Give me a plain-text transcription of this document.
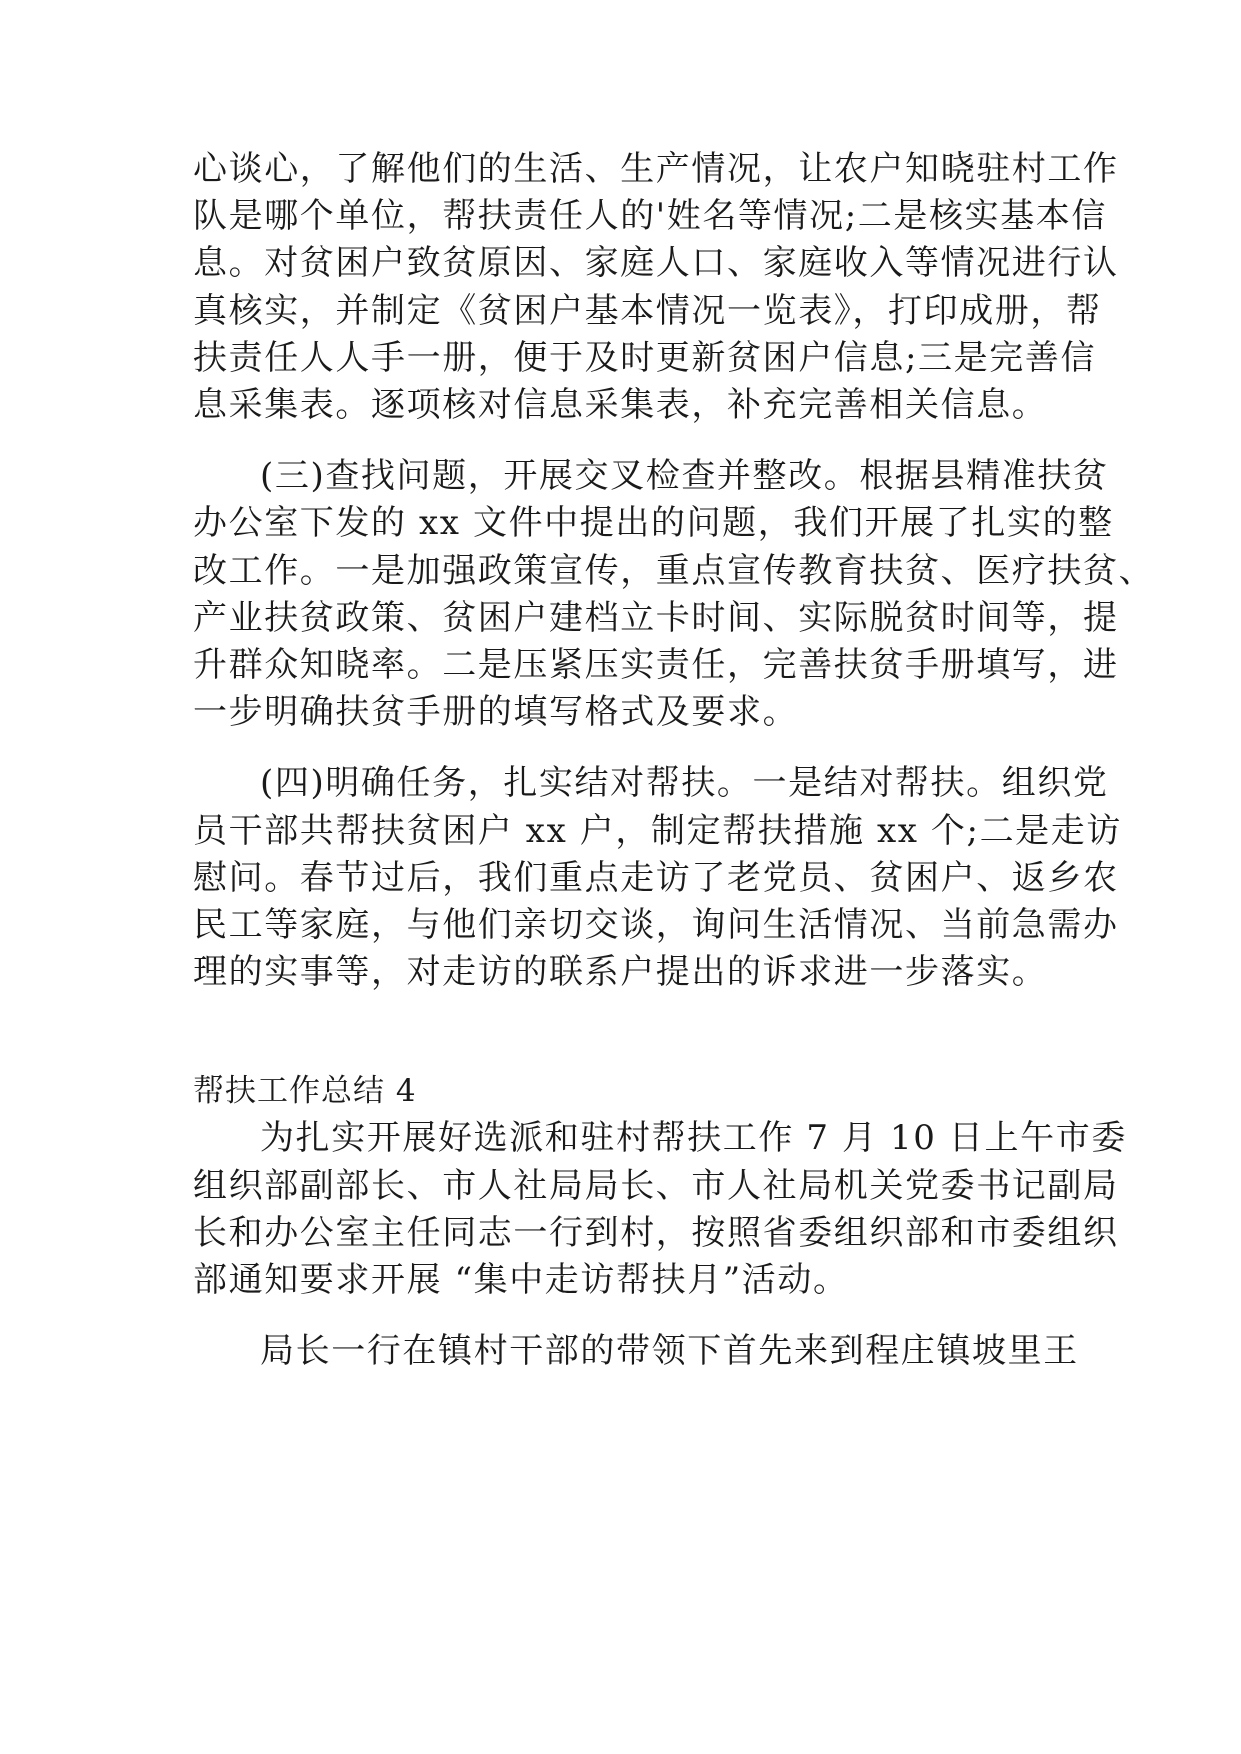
心谈心，了解他们的生活、生产情况，让农户知晓驻村工作
队是哪个单位，帮扶责任人的'姓名等情况;二是核实基本信
息。对贫困户致贫原因、家庭人口、家庭收入等情况进行认
真核实，并制定《贫困户基本情况一览表》，打印成册，帮
扶责任人人手一册，便于及时更新贫困户信息;三是完善信
息采集表。逐项核对信息采集表，补充完善相关信息。
(三)查找问题，开展交叉检查并整改。根据县精准扶贫
办公室下发的 xx 文件中提出的问题，我们开展了扎实的整
改工作。一是加强政策宣传，重点宣传教育扶贫、医疗扶贫、
产业扶贫政策、贫困户建档立卡时间、实际脱贫时间等，提
升群众知晓率。二是压紧压实责任，完善扶贫手册填写，进
一步明确扶贫手册的填写格式及要求。
(四)明确任务，扎实结对帮扶。一是结对帮扶。组织党
员干部共帮扶贫困户 xx 户，制定帮扶措施 xx 个;二是走访
慰问。春节过后，我们重点走访了老党员、贫困户、返乡农
民工等家庭，与他们亲切交谈，询问生活情况、当前急需办
理的实事等，对走访的联系户提出的诉求进一步落实。
帮扶工作总结 4
为扎实开展好选派和驻村帮扶工作 7 月 10 日上午市委
组织部副部长、市人社局局长、市人社局机关党委书记副局
长和办公室主任同志一行到村，按照省委组织部和市委组织
部通知要求开展 “集中走访帮扶月”活动。
局长一行在镇村干部的带领下首先来到程庄镇坡里王
